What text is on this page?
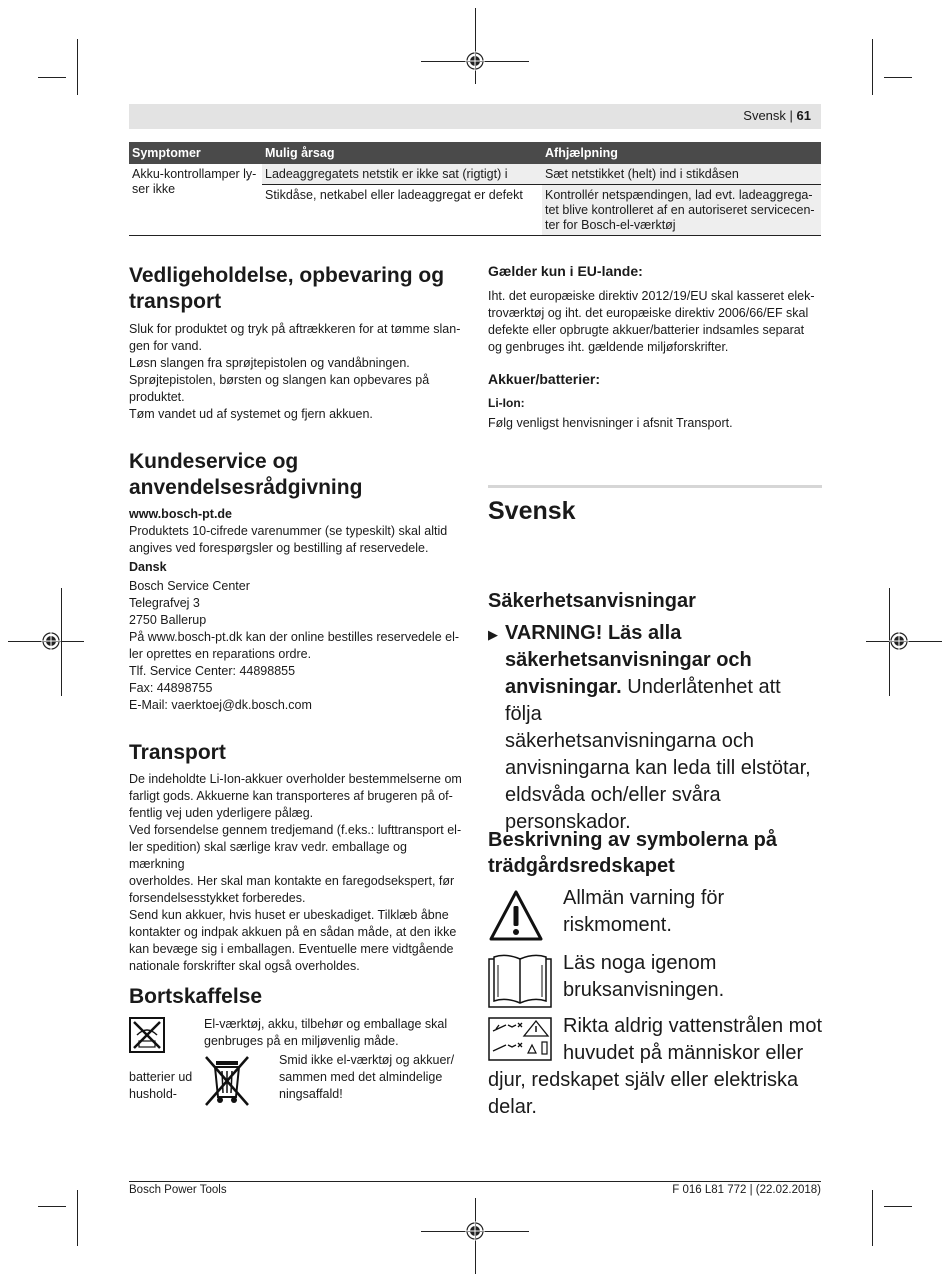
Svensk | 61
Symptomer	Mulig årsag	Afhjælpning
Akku-kontrollamper ly-
ser ikke	Ladeaggregatets netstik er ikke sat (rigtigt) i	Sæt netstikket (helt) ind i stikdåsen
	Stikdåse, netkabel eller ladeaggregat er defekt	Kontrollér netspændingen, lad evt. ladeaggrega-
tet blive kontrolleret af en autoriseret servicecen-
ter for Bosch-el-værktøj
Vedligeholdelse, opbevaring og
transport

Sluk for produktet og tryk på aftrækkeren for at tømme slan-
gen for vand.

Løsn slangen fra sprøjtepistolen og vandåbningen.
Sprøjtepistolen, børsten og slangen kan opbevares på
produktet.

Tøm vandet ud af systemet og fjern akkuen.

Kundeservice og
anvendelsesrådgivning

www.bosch-pt.de

Produktets 10-cifrede varenummer (se typeskilt) skal altid
angives ved forespørgsler og bestilling af reservedele.

Dansk

Bosch Service Center
Telegrafvej 3
2750 Ballerup
På www.bosch-pt.dk kan der online bestilles reservedele el-
ler oprettes en reparations ordre.
Tlf. Service Center: 44898855
Fax: 44898755
E-Mail: vaerktoej@dk.bosch.com

Transport

De indeholdte Li-Ion-akkuer overholder bestemmelserne om
farligt gods. Akkuerne kan transporteres af brugeren på of-
fentlig vej uden yderligere pålæg.

Ved forsendelse gennem tredjemand (f.eks.: lufttransport el-
ler spedition) skal særlige krav vedr. emballage og mærkning
overholdes. Her skal man kontakte en faregodsekspert, før
forsendelsesstykket forberedes.

Send kun akkuer, hvis huset er ubeskadiget. Tilklæb åbne
kontakter og indpak akkuen på en sådan måde, at den ikke
kan bevæge sig i emballagen. Eventuelle mere vidtgående
nationale forskrifter skal også overholdes.

Bortskaffelse

El-værktøj, akku, tilbehør og emballage skal
genbruges på en miljøvenlig måde.

Smid ikke el-værktøj og akkuer/
sammen med det almindelige
ningsaffald!

batterier ud
hushold-

Gælder kun i EU-lande:

Iht. det europæiske direktiv 2012/19/EU skal kasseret elek-
troværktøj og iht. det europæiske direktiv 2006/66/EF skal
defekte eller opbrugte akkuer/batterier indsamles separat
og genbruges iht. gældende miljøforskrifter.

Akkuer/batterier:

Li-Ion:

Følg venligst henvisninger i afsnit Transport.

Svensk

Säkerhetsanvisningar

▶ VARNING! Läs alla
säkerhetsanvisningar och
anvisningar. Underlåtenhet att följa
säkerhetsanvisningarna och
anvisningarna kan leda till elstötar,
eldsvåda och/eller svåra
personskador.

Beskrivning av symbolerna på
trädgårdsredskapet

Allmän varning för
riskmoment.

Läs noga igenom
bruksanvisningen.

Rikta aldrig vattenstrålen mot
huvudet på människor eller

djur, redskapet själv eller elektriska
delar.

Bosch Power Tools	F 016 L81 772 | (22.02.2018)
